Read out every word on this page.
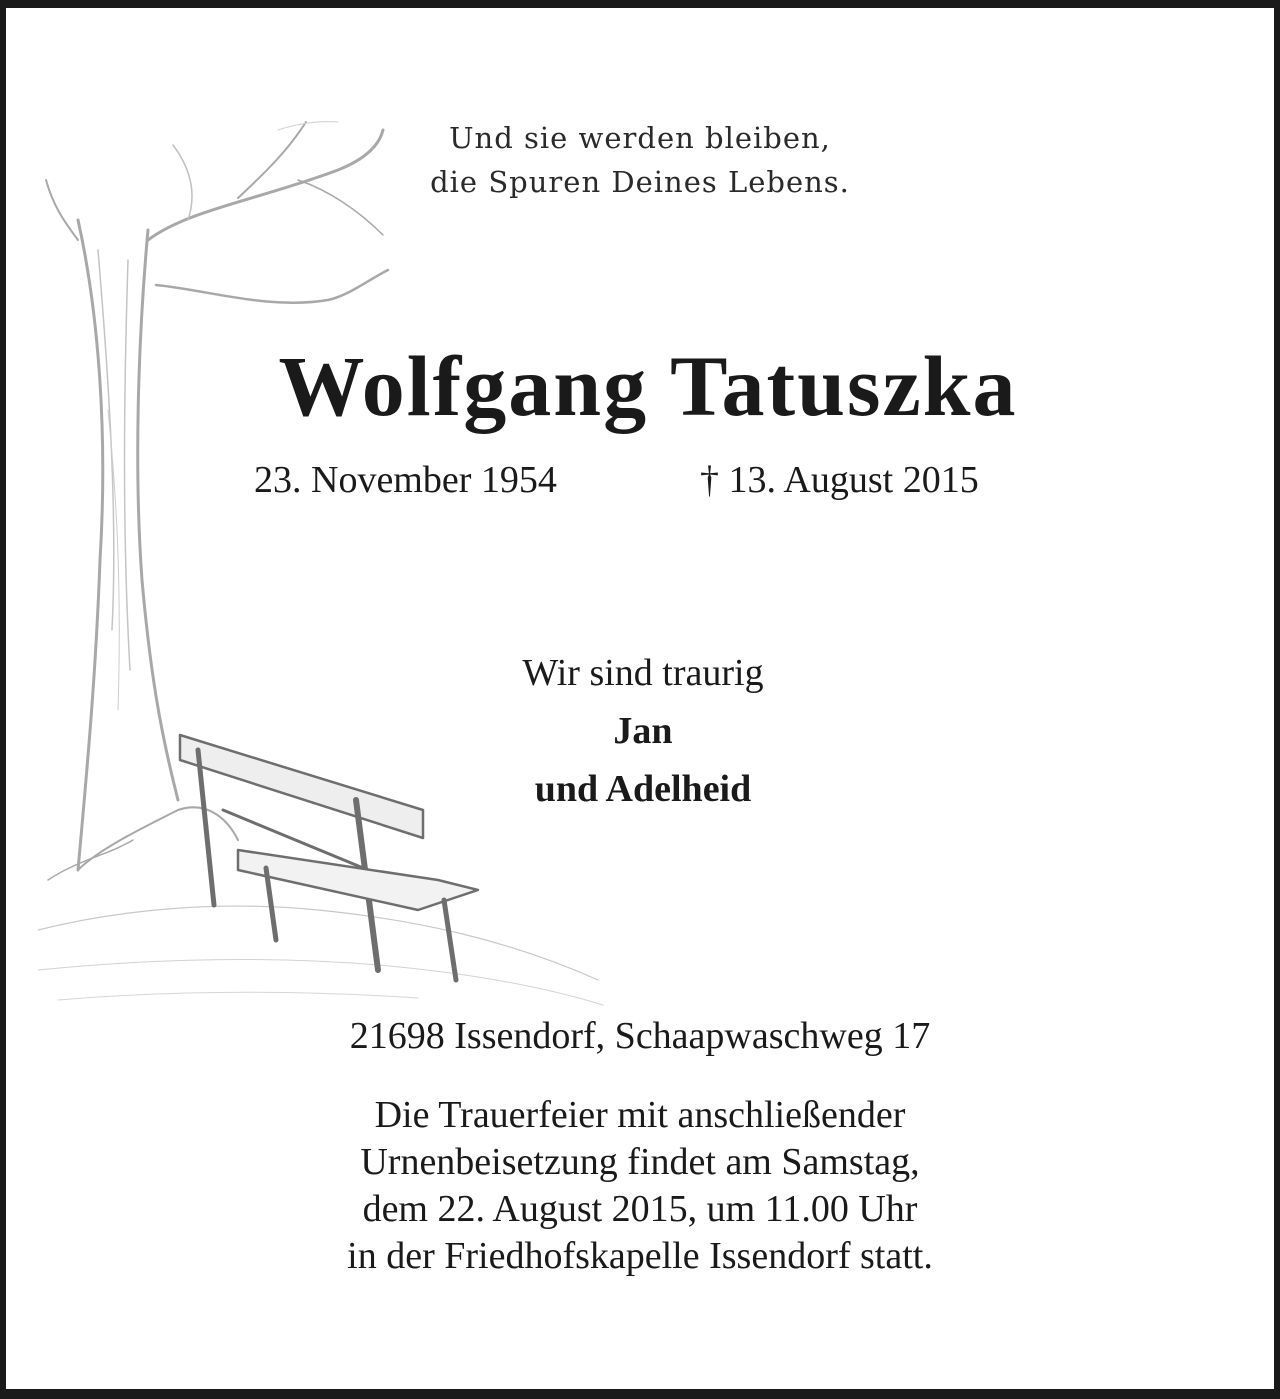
Und sie werden bleiben,
die Spuren Deines Lebens.
Wolfgang Tatuszka
23. November 1954	† 13. August 2015
Wir sind traurig
Jan
und Adelheid
21698 Issendorf, Schaapwaschweg 17
Die Trauerfeier mit anschließender
Urnenbeisetzung findet am Samstag,
dem 22. August 2015, um 11.00 Uhr
in der Friedhofskapelle Issendorf statt.
